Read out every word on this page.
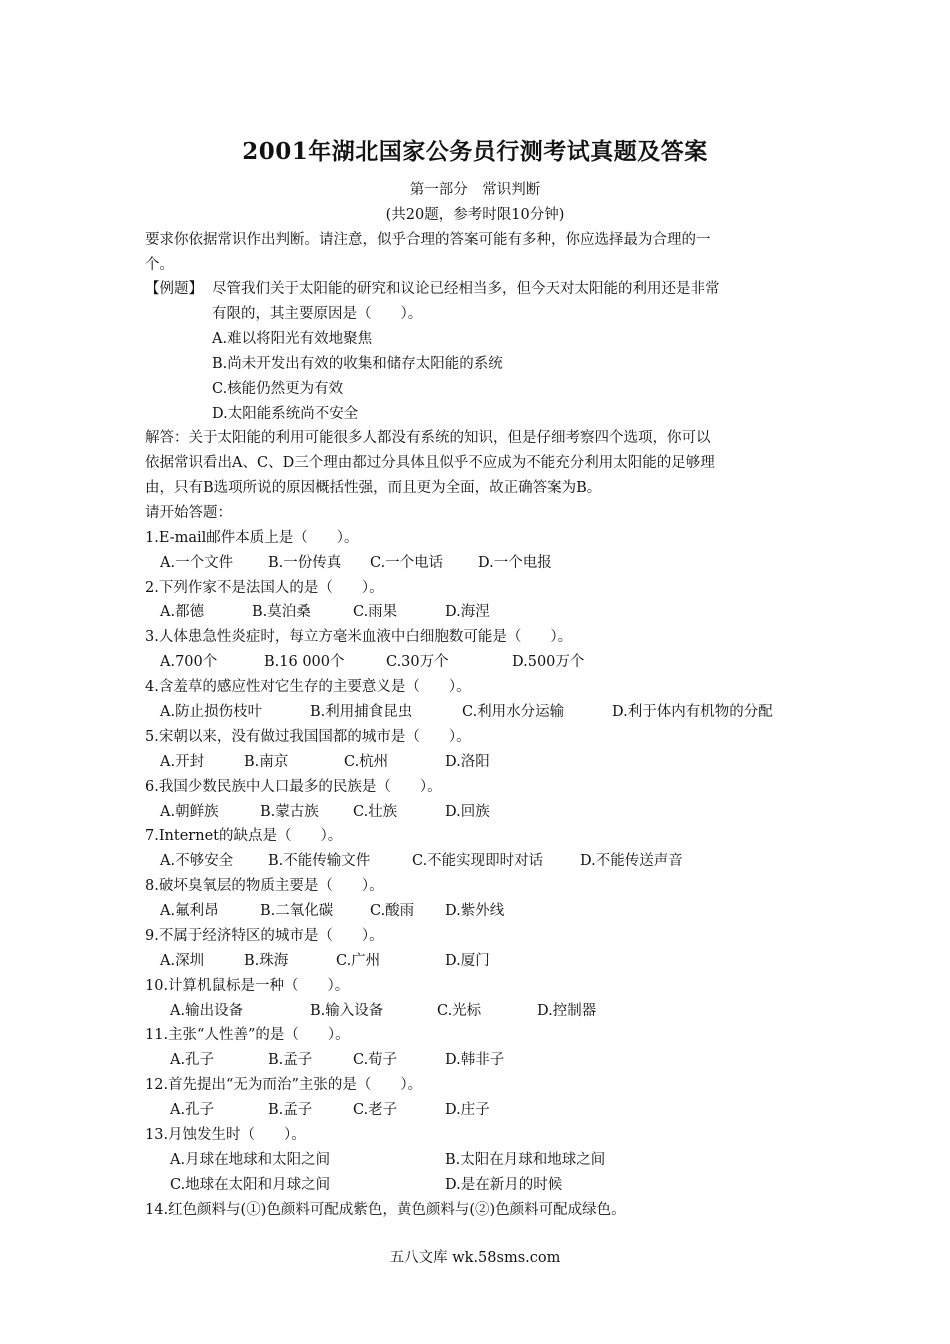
2001年湖北国家公务员行测考试真题及答案
第一部分　常识判断
(共20题，参考时限10分钟)
要求你依据常识作出判断。请注意，似乎合理的答案可能有多种，你应选择最为合理的一
个。
【例题】 尽管我们关于太阳能的研究和议论已经相当多，但今天对太阳能的利用还是非常
有限的，其主要原因是（　　）。
A.难以将阳光有效地聚焦
B.尚未开发出有效的收集和储存太阳能的系统
C.核能仍然更为有效
D.太阳能系统尚不安全
解答：关于太阳能的利用可能很多人都没有系统的知识，但是仔细考察四个选项，你可以
依据常识看出A、C、D三个理由都过分具体且似乎不应成为不能充分利用太阳能的足够理
由，只有B选项所说的原因概括性强，而且更为全面，故正确答案为B。
请开始答题：
1.E-mail邮件本质上是（　　）。
A.一个文件 B.一份传真 C.一个电话 D.一个电报
2.下列作家不是法国人的是（　　）。
A.都德	B.莫泊桑	C.雨果	D.海涅
3.人体患急性炎症时，每立方毫米血液中白细胞数可能是（　　）。
A.700个	B.16 000个	C.30万个	D.500万个
4.含羞草的感应性对它生存的主要意义是（　　）。
A.防止损伤枝叶	B.利用捕食昆虫	C.利用水分运输	D.利于体内有机物的分配
5.宋朝以来，没有做过我国国都的城市是（　　）。
A.开封	B.南京	C.杭州	D.洛阳
6.我国少数民族中人口最多的民族是（　　）。
A.朝鲜族	B.蒙古族 C.壮族	D.回族
7.Internet的缺点是（　　）。
A.不够安全 B.不能传输文件	C.不能实现即时对话	D.不能传送声音
8.破坏臭氧层的物质主要是（　　）。
A.氟利昂	B.二氧化碳	C.酸雨 D.紫外线
9.不属于经济特区的城市是（　　）。
A.深圳	B.珠海	C.广州	D.厦门
10.计算机鼠标是一种（　　）。
A.输出设备	B.输入设备	C.光标	D.控制器
11.主张“人性善”的是（　　）。
A.孔子	B.孟子	C.荀子	D.韩非子
12.首先提出“无为而治”主张的是（　　）。
A.孔子	B.孟子	C.老子	D.庄子
13.月蚀发生时（　　）。
A.月球在地球和太阳之间	B.太阳在月球和地球之间
C.地球在太阳和月球之间	D.是在新月的时候
14.红色颜料与(①)色颜料可配成紫色，黄色颜料与(②)色颜料可配成绿色。
五八文库 wk.58sms.com
